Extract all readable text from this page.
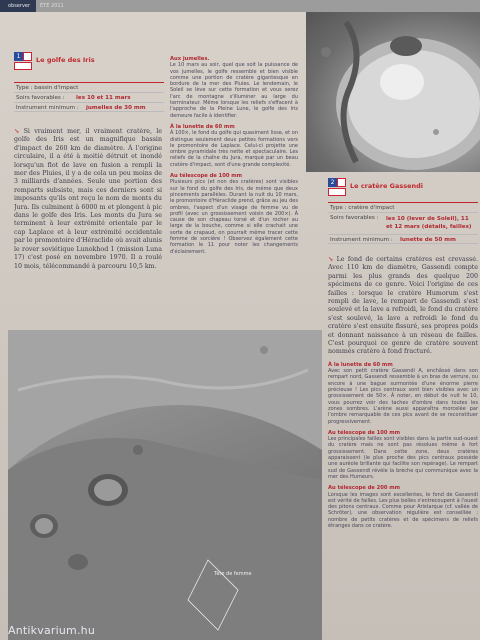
observer	ÉTÉ 2011
1	Le golfe des Iris
Type : bassin d'impact
Soirs favorables : les 10 et 11 mars
Instrument minimum : jumelles de 30 mm

↘ Si vraiment mer, il vraiment cratère, le golfe des Iris est un magnifique bassin d'impact de 260 km de diamètre. À l'origine circulaire, il a été à moitié détruit et inondé lorsqu'un flot de lave en fusion a rempli la mer des Pluies, il y a de cela un peu moins de 3 milliards d'années. Seule une portion des remparts subsiste, mais ces derniers sont si imposants qu'ils ont reçu le nom de monts du Jura. Ils culminent à 6000 m et plongent à pic dans le golfe des Iris. Les monts du Jura se terminent à leur extrémité orientale par le cap Laplace et à leur extrémité occidentale par le promontoire d'Héraclide où avait alunis le rover soviétique Lunokhod 1 (mission Luna 17) c'est posé en novembre 1970. Il a roulé 10 mois, télécommandé à parcouru 10,5 km.

Aux jumelles.

Le 10 mars au soir, quel que soit la puissance de vos jumelles, le golfe ressemble et bien visible comme une portion de cratère gigantesque en bordure de la mer des Pluies. Le lendemain, le Soleil se lève sur cette formation et vous serez l'arc de montagne s'illuminer au large du terminateur. Même lorsque les reliefs s'effacent à l'approche de la Pleine Lune, le golfe des Iris demeure facile à identifier.

À la lunette de 60 mm

À 100×, le fond du golfe qui quasiment lisse, et on distingue seulement deux petites formations vers le promontoire de Laplace. Celui-ci projette une ombre pyramidale très nette et spectaculaire. Les reliefs de la chaîne du Jura, marqué par un beau cratère d'impact, sont d'une grande complexité.

Au télescope de 100 mm

Plusieurs pics (et non des cratères) sont visibles sur le fond du golfe des Iris, de même que deux pincements parallèles. Durant la nuit du 10 mars, le promontoire d'Héraclide prend, grâce au jeu des ombres, l'aspect d'un visage de femme vu de profil (avec un grossissement voisin de 200×). À cause de son chapeau torsé et d'un rocher au large de la bouche, comme si elle crachait une sorte de crapaud, on pourrait même tracer cette femme de sorcière ! Observez également cette formation le 11 pour noter les changements d'éclairement.

2	Le cratère Gassendi
Type : cratère d'impact
Soirs favorables : les 10 (lever de Soleil), 11 et 12 mars (détails, failles)
Instrument minimum : lunette de 50 mm

↘ Le fond de certains cratères est crevassé. Avec 110 km de diamètre, Gassendi compte parmi les plus grands des quelque 200 spécimens de ce genre. Voici l'origine de ces failles : lorsque le cratère Humorum s'est rempli de lave, le rempart de Gassendi s'est soulevé et la lave a refroidi, le fond du cratère s'est soulevé, la lave a refroidi le fond du cratère s'est ensuite fissuré, ses propres poids et donnant naissance à un réseau de failles. C'est pourquoi ce genre de cratère souvent nommés cratère à fond fracturé.

À la lunette de 60 mm

Avec son petit cratère Gassendi A, enchâssé dans son rempart nord, Gassendi ressemble à un bras de verrure, ou encore à une bague surmontée d'une énorme pierre précieuse ! Les pics centraux sont bien visibles avec un grossissement de 50×. À noter, en début de nuit le 10, vous pourrez voir des taches d'ombre dans toutes les zones sombres. L'arène aussi apparaîtra morcelée par l'ombre remarquable de ces pics avant de se reconstituer progressivement.

Au télescope de 100 mm

Les principales failles sont visibles dans la partie sud-ouest du cratère mais ne sont pas résolues même à fort grossissement. Dans cette zone, deux cratères apparaissent (le plus proche des pics centraux possède une auréole brillante qui facilite son repérage). Le rempart sud de Gassendi révèle la brèche qui communique avec la mer des Humeurs.

Au télescope de 200 mm

Lorsque les images sont excellentes, le fond de Gassendi est vérité de failles. Les plus belles s'entrecoupent à l'ouest des pitons centraux. Comme pour Aristarque (cf. vallée de Schröter), une observation régulière est conseillée : nombre de petits cratères et de spécimens de reliefs étranges dans ce cratère.

Tête de femme
Antikvarium.hu
